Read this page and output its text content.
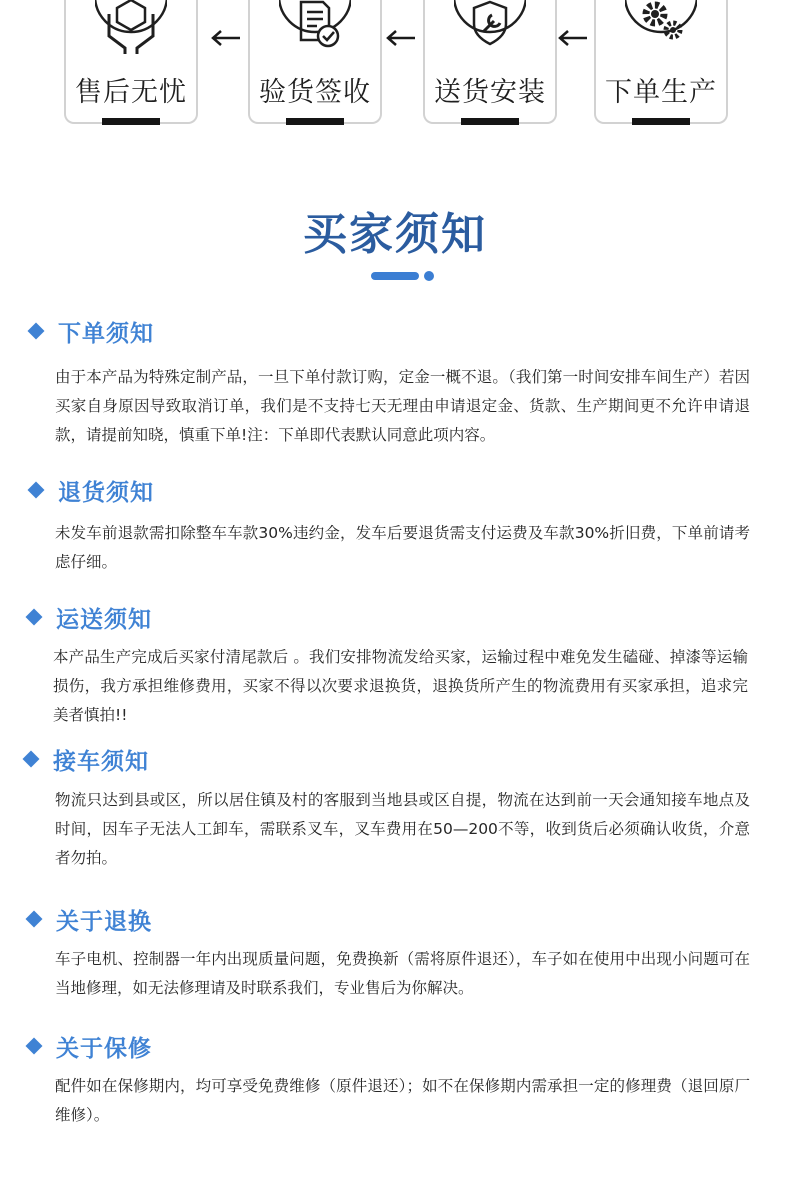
售后无忧	验货签收	送货安装	下单生产
买家须知
下单须知
由于本产品为特殊定制产品，一旦下单付款订购，定金一概不退。（我们第一时间安排车间生产）若因买家自身原因导致取消订单，我们是不支持七天无理由申请退定金、货款、生产期间更不允许申请退款，请提前知晓，慎重下单!注：下单即代表默认同意此项内容。
退货须知
未发车前退款需扣除整车车款30%违约金，发车后要退货需支付运费及车款30%折旧费，下单前请考虑仔细。
运送须知
本产品生产完成后买家付清尾款后 。我们安排物流发给买家，运输过程中难免发生磕碰、掉漆等运输损伤，我方承担维修费用，买家不得以次要求退换货，退换货所产生的物流费用有买家承担，追求完美者慎拍!!
接车须知
物流只达到县或区，所以居住镇及村的客服到当地县或区自提，物流在达到前一天会通知接车地点及时间，因车子无法人工卸车，需联系叉车，叉车费用在50—200不等，收到货后必须确认收货，介意者勿拍。
关于退换
车子电机、控制器一年内出现质量问题，免费换新（需将原件退还），车子如在使用中出现小问题可在当地修理，如无法修理请及时联系我们，专业售后为你解决。
关于保修
配件如在保修期内，均可享受免费维修（原件退还）；如不在保修期内需承担一定的修理费（退回原厂维修）。
